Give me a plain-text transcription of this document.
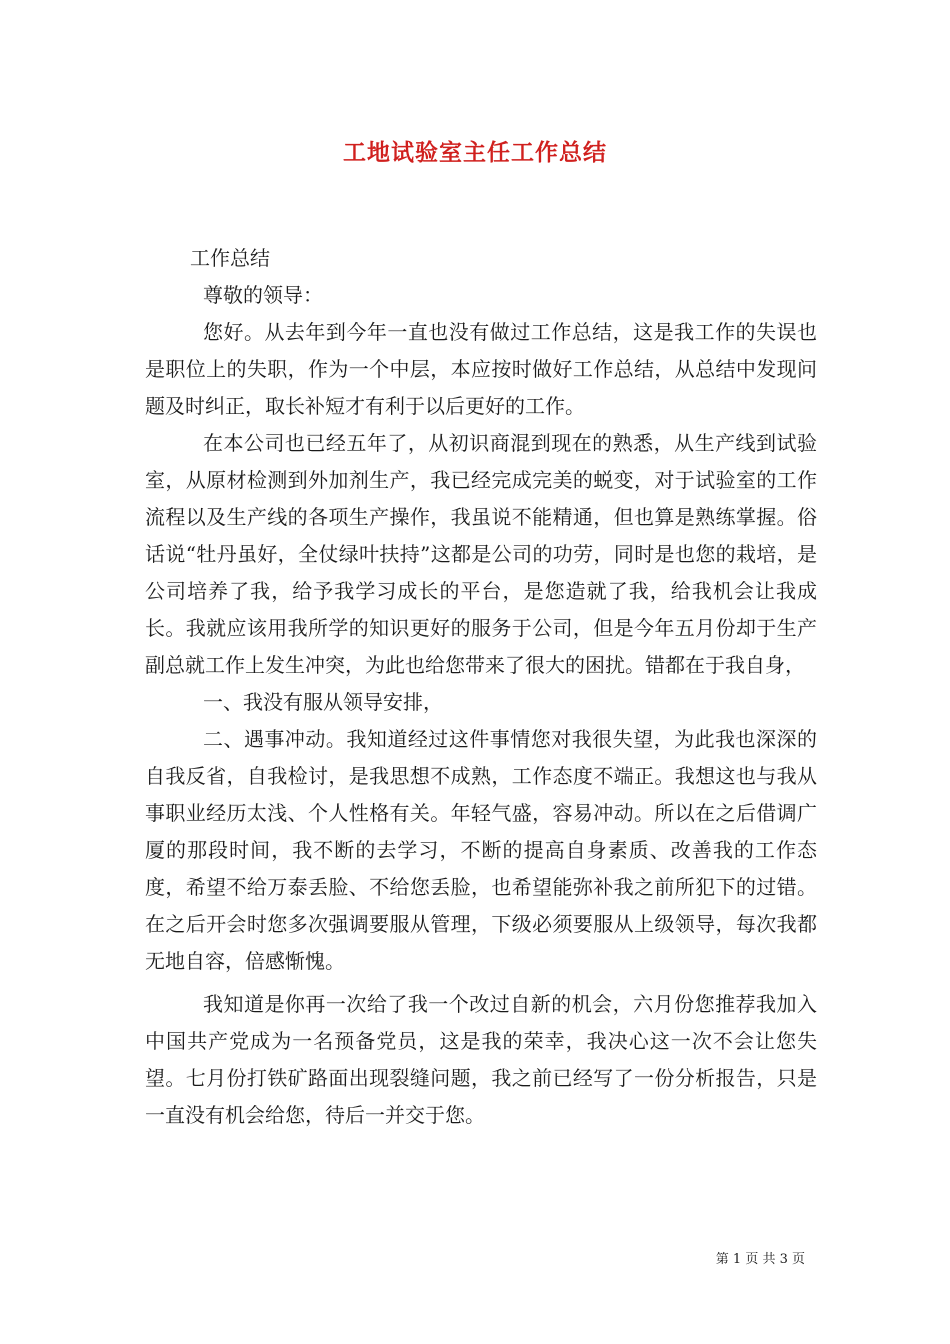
工地试验室主任工作总结

工作总结

尊敬的领导：

您好。从去年到今年一直也没有做过工作总结，这是我工作的失误也是职位上的失职，作为一个中层，本应按时做好工作总结，从总结中发现问题及时纠正，取长补短才有利于以后更好的工作。

在本公司也已经五年了，从初识商混到现在的熟悉，从生产线到试验室，从原材检测到外加剂生产，我已经完成完美的蜕变，对于试验室的工作流程以及生产线的各项生产操作，我虽说不能精通，但也算是熟练掌握。俗话说“牡丹虽好，全仗绿叶扶持”这都是公司的功劳，同时是也您的栽培，是公司培养了我，给予我学习成长的平台，是您造就了我，给我机会让我成长。我就应该用我所学的知识更好的服务于公司，但是今年五月份却于生产副总就工作上发生冲突，为此也给您带来了很大的困扰。错都在于我自身，

一、我没有服从领导安排，

二、遇事冲动。我知道经过这件事情您对我很失望，为此我也深深的自我反省，自我检讨，是我思想不成熟，工作态度不端正。我想这也与我从事职业经历太浅、个人性格有关。年轻气盛，容易冲动。所以在之后借调广厦的那段时间，我不断的去学习，不断的提高自身素质、改善我的工作态度，希望不给万泰丢脸、不给您丢脸，也希望能弥补我之前所犯下的过错。在之后开会时您多次强调要服从管理，下级必须要服从上级领导，每次我都无地自容，倍感惭愧。

我知道是你再一次给了我一个改过自新的机会，六月份您推荐我加入中国共产党成为一名预备党员，这是我的荣幸，我决心这一次不会让您失望。七月份打铁矿路面出现裂缝问题，我之前已经写了一份分析报告，只是一直没有机会给您，待后一并交于您。

第 1 页 共 3 页
